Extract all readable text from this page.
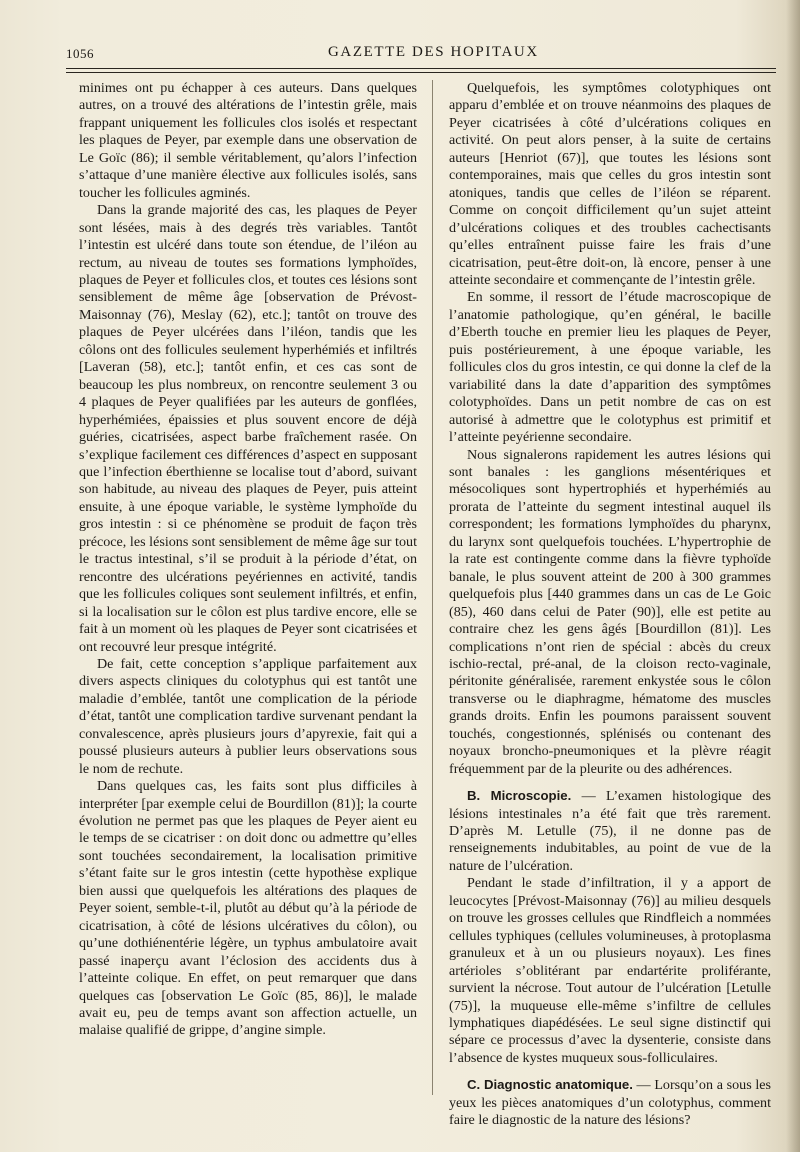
1056	GAZETTE DES HOPITAUX

minimes ont pu échapper à ces auteurs. Dans quelques autres, on a trouvé des altérations de l’intestin grêle, mais frappant uniquement les follicules clos isolés et respectant les plaques de Peyer, par exemple dans une observation de Le Goïc (86); il semble véritablement, qu’alors l’infection s’attaque d’une manière élective aux follicules isolés, sans toucher les follicules agminés.

Dans la grande majorité des cas, les plaques de Peyer sont lésées, mais à des degrés très variables. Tantôt l’intestin est ulcéré dans toute son étendue, de l’iléon au rectum, au niveau de toutes ses formations lymphoïdes, plaques de Peyer et follicules clos, et toutes ces lésions sont sensiblement de même âge [observation de Prévost-Maisonnay (76), Meslay (62), etc.]; tantôt on trouve des plaques de Peyer ulcérées dans l’iléon, tandis que les côlons ont des follicules seulement hyperhémiés et infiltrés [Laveran (58), etc.]; tantôt enfin, et ces cas sont de beaucoup les plus nombreux, on rencontre seulement 3 ou 4 plaques de Peyer qualifiées par les auteurs de gonflées, hyperhémiées, épaissies et plus souvent encore de déjà guéries, cicatrisées, aspect barbe fraîchement rasée. On s’explique facilement ces différences d’aspect en supposant que l’infection éberthienne se localise tout d’abord, suivant son habitude, au niveau des plaques de Peyer, puis atteint ensuite, à une époque variable, le système lymphoïde du gros intestin : si ce phénomène se produit de façon très précoce, les lésions sont sensiblement de même âge sur tout le tractus intestinal, s’il se produit à la période d’état, on rencontre des ulcérations peyériennes en activité, tandis que les follicules coliques sont seulement infiltrés, et enfin, si la localisation sur le côlon est plus tardive encore, elle se fait à un moment où les plaques de Peyer sont cicatrisées et ont recouvré leur presque intégrité.

De fait, cette conception s’applique parfaitement aux divers aspects cliniques du colotyphus qui est tantôt une maladie d’emblée, tantôt une complication de la période d’état, tantôt une complication tardive survenant pendant la convalescence, après plusieurs jours d’apyrexie, fait qui a poussé plusieurs auteurs à publier leurs observations sous le nom de rechute.

Dans quelques cas, les faits sont plus difficiles à interpréter [par exemple celui de Bourdillon (81)]; la courte évolution ne permet pas que les plaques de Peyer aient eu le temps de se cicatriser : on doit donc ou admettre qu’elles sont touchées secondairement, la localisation primitive s’étant faite sur le gros intestin (cette hypothèse explique bien aussi que quelquefois les altérations des plaques de Peyer soient, semble-t-il, plutôt au début qu’à la période de cicatrisation, à côté de lésions ulcératives du côlon), ou qu’une dothiénentérie légère, un typhus ambulatoire avait passé inaperçu avant l’éclosion des accidents dus à l’atteinte colique. En effet, on peut remarquer que dans quelques cas [observation Le Goïc (85, 86)], le malade avait eu, peu de temps avant son affection actuelle, un malaise qualifié de grippe, d’angine simple.

Quelquefois, les symptômes colotyphiques ont apparu d’emblée et on trouve néanmoins des plaques de Peyer cicatrisées à côté d’ulcérations coliques en activité. On peut alors penser, à la suite de certains auteurs [Henriot (67)], que toutes les lésions sont contemporaines, mais que celles du gros intestin sont atoniques, tandis que celles de l’iléon se réparent. Comme on conçoit difficilement qu’un sujet atteint d’ulcérations coliques et des troubles cachectisants qu’elles entraînent puisse faire les frais d’une cicatrisation, peut-être doit-on, là encore, penser à une atteinte secondaire et commençante de l’intestin grêle.

En somme, il ressort de l’étude macroscopique de l’anatomie pathologique, qu’en général, le bacille d’Eberth touche en premier lieu les plaques de Peyer, puis postérieurement, à une époque variable, les follicules clos du gros intestin, ce qui donne la clef de la variabilité dans la date d’apparition des symptômes colotyphoïdes. Dans un petit nombre de cas on est autorisé à admettre que le colotyphus est primitif et l’atteinte peyérienne secondaire.

Nous signalerons rapidement les autres lésions qui sont banales : les ganglions mésentériques et mésocoliques sont hypertrophiés et hyperhémiés au prorata de l’atteinte du segment intestinal auquel ils correspondent; les formations lymphoïdes du pharynx, du larynx sont quelquefois touchées. L’hypertrophie de la rate est contingente comme dans la fièvre typhoïde banale, le plus souvent atteint de 200 à 300 grammes quelquefois plus [440 grammes dans un cas de Le Goic (85), 460 dans celui de Pater (90)], elle est petite au contraire chez les gens âgés [Bourdillon (81)]. Les complications n’ont rien de spécial : abcès du creux ischio-rectal, pré-anal, de la cloison recto-vaginale, péritonite généralisée, rarement enkystée sous le côlon transverse ou le diaphragme, hématome des muscles grands droits. Enfin les poumons paraissent souvent touchés, congestionnés, splénisés ou contenant des noyaux broncho-pneumoniques et la plèvre réagit fréquemment par de la pleurite ou des adhérences.

B. Microscopie. — L’examen histologique des lésions intestinales n’a été fait que très rarement. D’après M. Letulle (75), il ne donne pas de renseignements indubitables, au point de vue de la nature de l’ulcération.

Pendant le stade d’infiltration, il y a apport de leucocytes [Prévost-Maisonnay (76)] au milieu desquels on trouve les grosses cellules que Rindfleich a nommées cellules typhiques (cellules volumineuses, à protoplasma granuleux et à un ou plusieurs noyaux). Les fines artérioles s’oblitérant par endartérite proliférante, survient la nécrose. Tout autour de l’ulcération [Letulle (75)], la muqueuse elle-même s’infiltre de cellules lymphatiques diapédésées. Le seul signe distinctif qui sépare ce processus d’avec la dysenterie, consiste dans l’absence de kystes muqueux sous-folliculaires.

C. Diagnostic anatomique. — Lorsqu’on a sous les yeux les pièces anatomiques d’un colotyphus, comment faire le diagnostic de la nature des lésions?
